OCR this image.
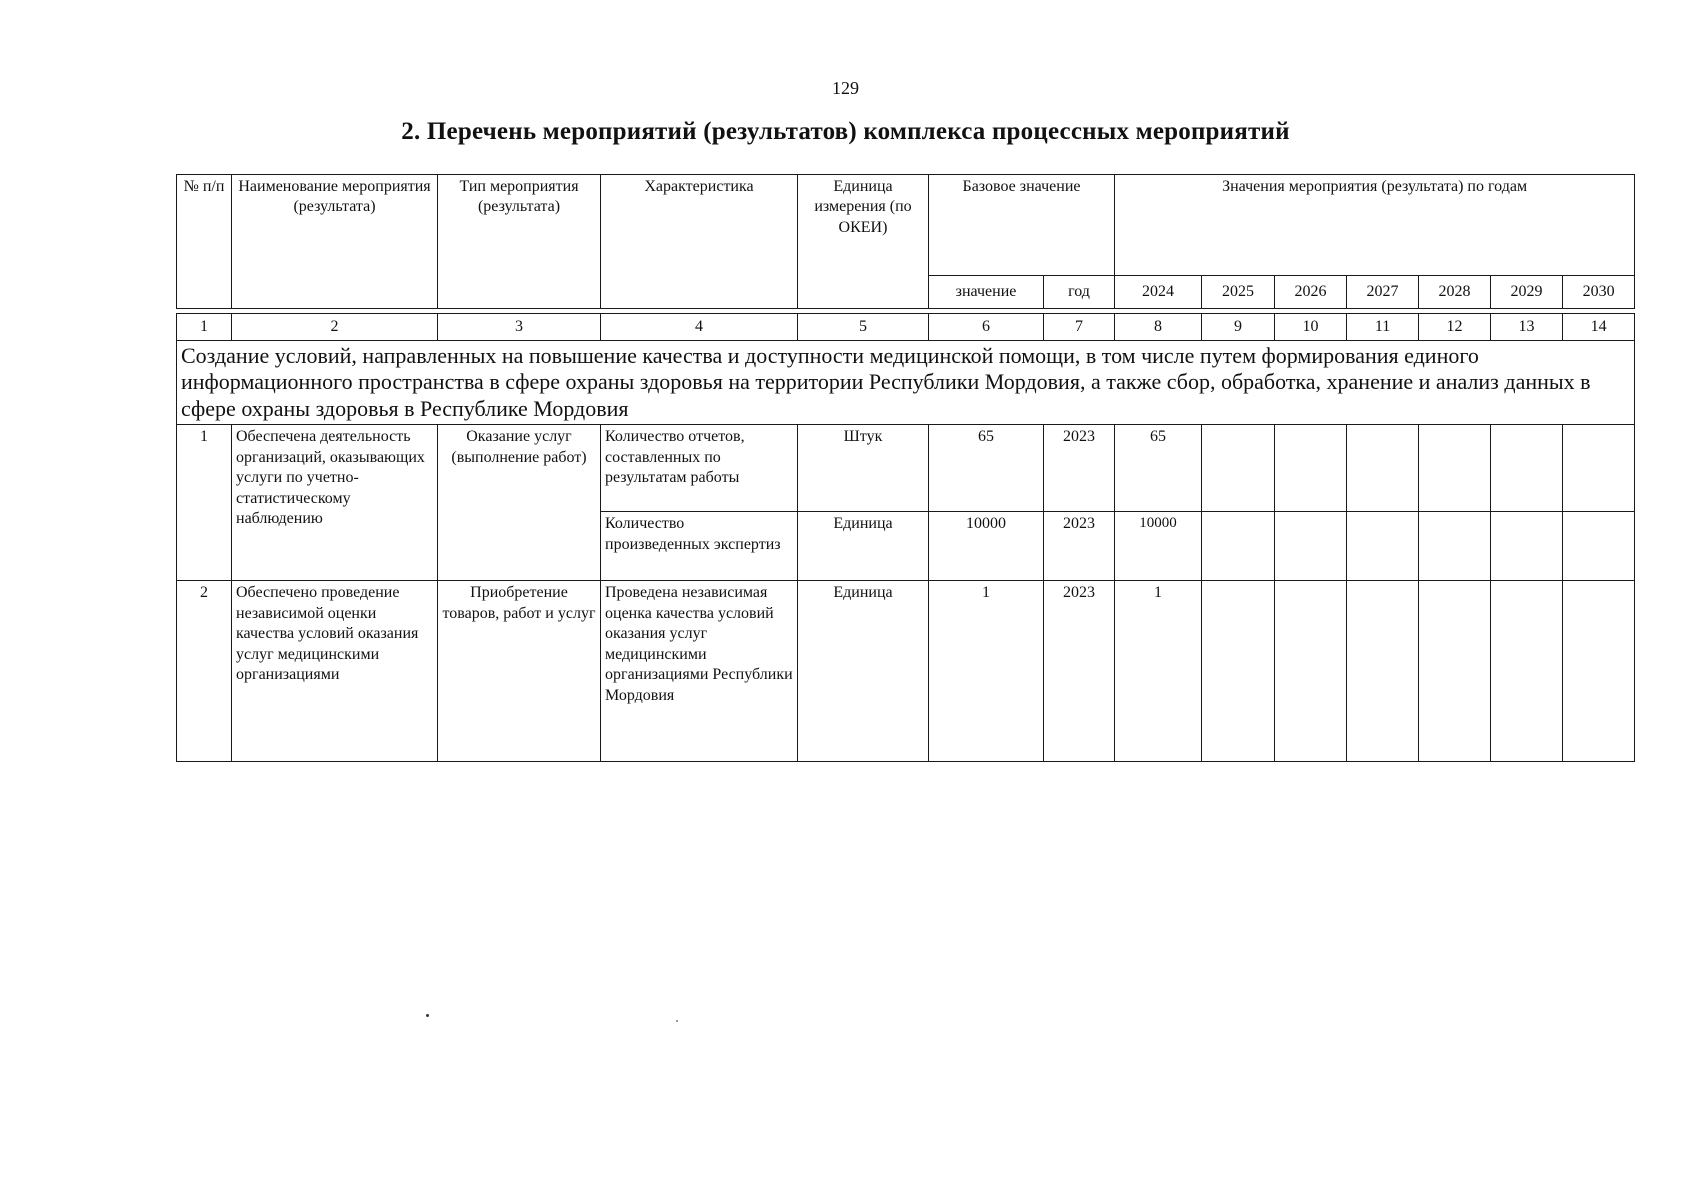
129
2. Перечень мероприятий (результатов) комплекса процессных мероприятий
№ п/п	Наименование мероприятия (результата)	Тип мероприятия (результата)	Характеристика	Единица измерения (по ОКЕИ)	Базовое значение		Значения мероприятия (результата) по годам						
					значение	год	2024	2025	2026	2027	2028	2029	2030

1	2	3	4	5	6	7	8	9	10	11	12	13	14
Создание условий, направленных на повышение качества и доступности медицинской помощи, в том числе путем формирования единого информационного пространства в сфере охраны здоровья на территории Республики Мордовия, а также сбор, обработка, хранение и анализ данных в сфере охраны здоровья в Республике Мордовия													
1	Обеспечена деятельность организаций, оказывающих услуги по учетно-статистическому наблюдению	Оказание услуг (выполнение работ)	Количество отчетов, составленных по результатам работы	Штук	65	2023	65						
			Количество произведенных экспертиз	Единица	10000	2023	10000						
2	Обеспечено проведение независимой оценки качества условий оказания услуг медицинскими организациями	Приобретение товаров, работ и услуг	Проведена независимая оценка качества условий оказания услуг медицинскими организациями Республики Мордовия	Единица	1	2023	1						
